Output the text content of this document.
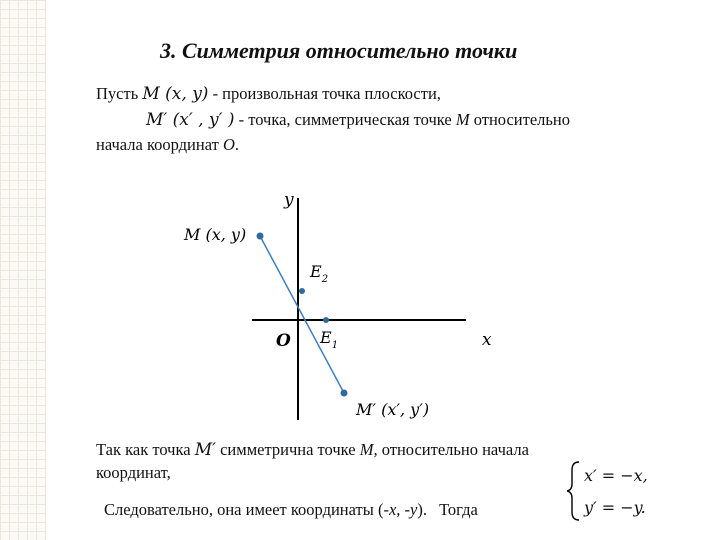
3. Симметрия относительно точки
Пусть M (x, y) - произвольная точка плоскости,
M′ (x′ , y′ ) - точка, симметрическая точке M относительно
начала координат O.
y
x
O
M (x, y)
M′ (x′, y′)
$E_2$
$E_1$
Так как точка M′ симметрична точке M, относительно начала
координат,
Следовательно, она имеет координаты (-x, -y). Тогда
x′ = −x,
y′ = −y.
